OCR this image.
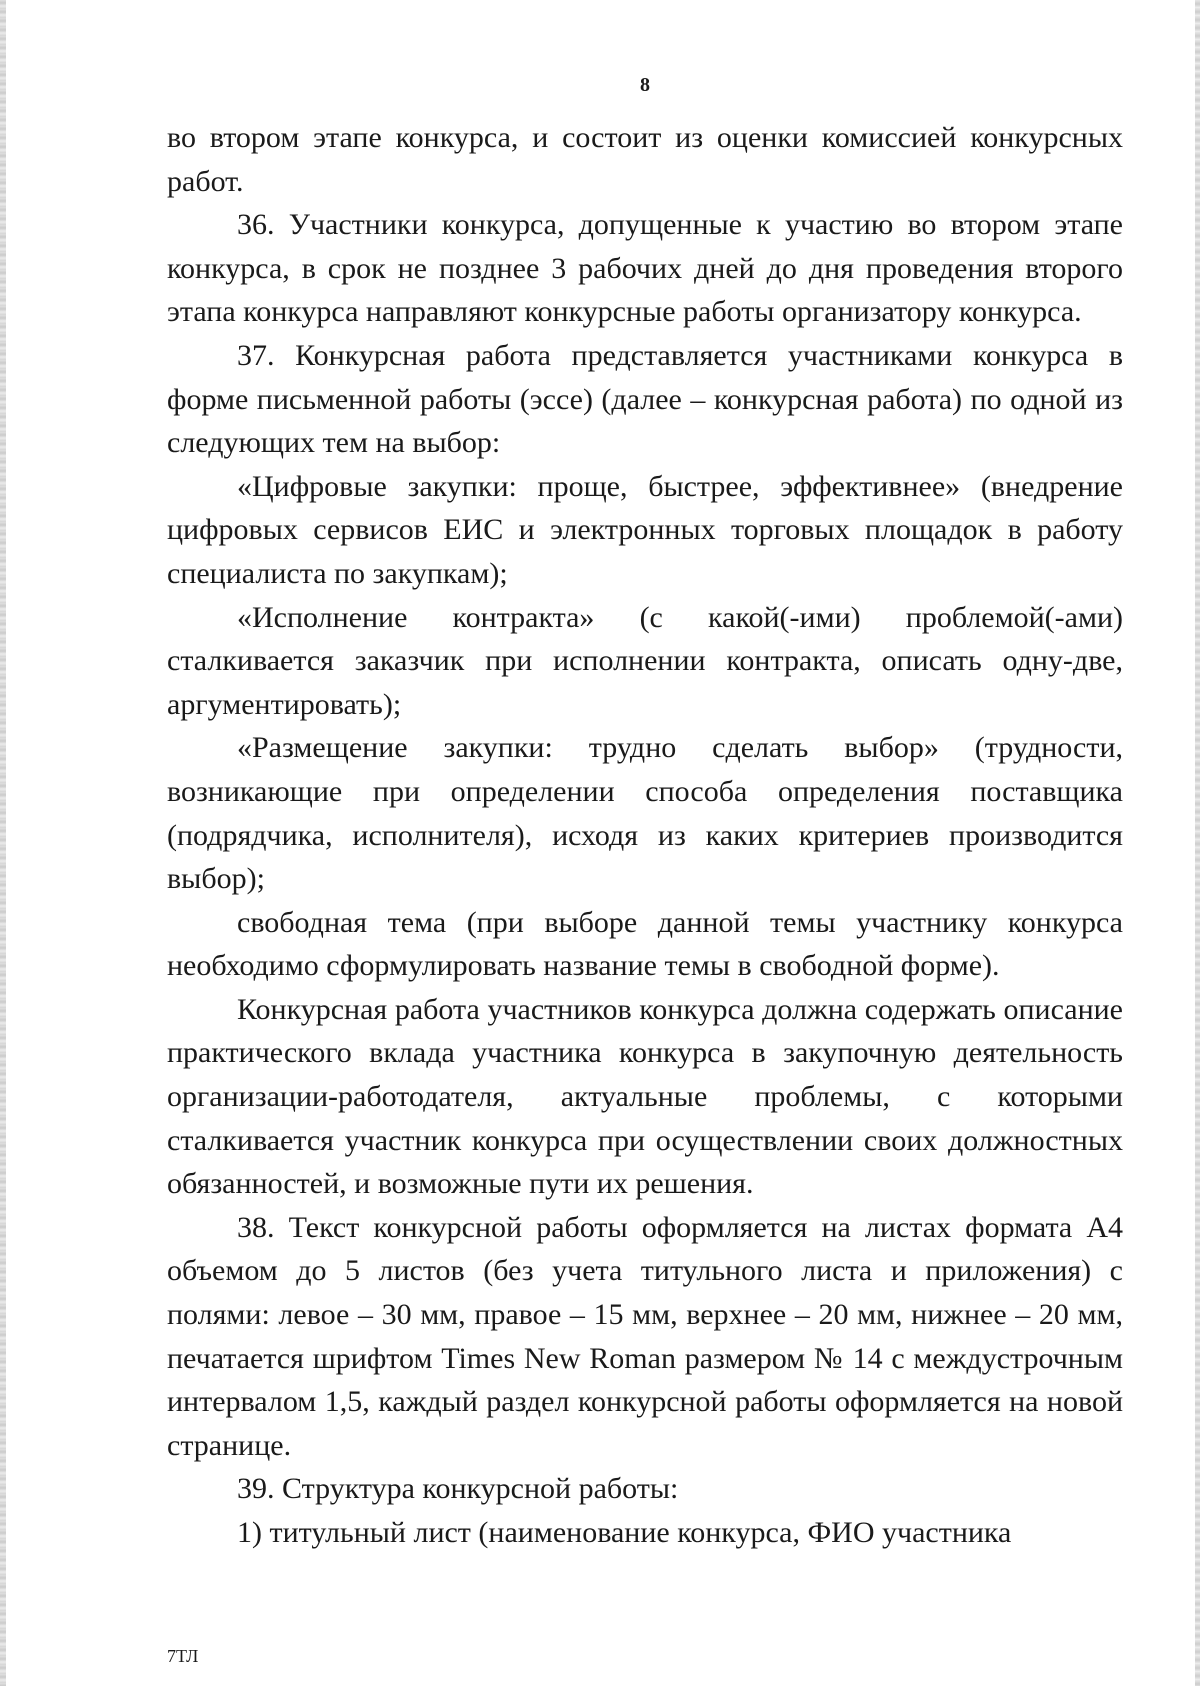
8

во втором этапе конкурса, и состоит из оценки комиссией конкурсных работ.

36. Участники конкурса, допущенные к участию во втором этапе конкурса, в срок не позднее 3 рабочих дней до дня проведения второго этапа конкурса направляют конкурсные работы организатору конкурса.

37. Конкурсная работа представляется участниками конкурса в форме письменной работы (эссе) (далее – конкурсная работа) по одной из следующих тем на выбор:

«Цифровые закупки: проще, быстрее, эффективнее» (внедрение цифровых сервисов ЕИС и электронных торговых площадок в работу специалиста по закупкам);

«Исполнение контракта» (с какой(-ими) проблемой(-ами) сталкивается заказчик при исполнении контракта, описать одну-две, аргументировать);

«Размещение закупки: трудно сделать выбор» (трудности, возникающие при определении способа определения поставщика (подрядчика, исполнителя), исходя из каких критериев производится выбор);

свободная тема (при выборе данной темы участнику конкурса необходимо сформулировать название темы в свободной форме).

Конкурсная работа участников конкурса должна содержать описание практического вклада участника конкурса в закупочную деятельность организации-работодателя, актуальные проблемы, с которыми сталкивается участник конкурса при осуществлении своих должностных обязанностей, и возможные пути их решения.

38. Текст конкурсной работы оформляется на листах формата А4 объемом до 5 листов (без учета титульного листа и приложения) с полями: левое – 30 мм, правое – 15 мм, верхнее – 20 мм, нижнее – 20 мм, печатается шрифтом Times New Roman размером № 14 с междустрочным интервалом 1,5, каждый раздел конкурсной работы оформляется на новой странице.

39. Структура конкурсной работы:

1) титульный лист (наименование конкурса, ФИО участника

7ТЛ
